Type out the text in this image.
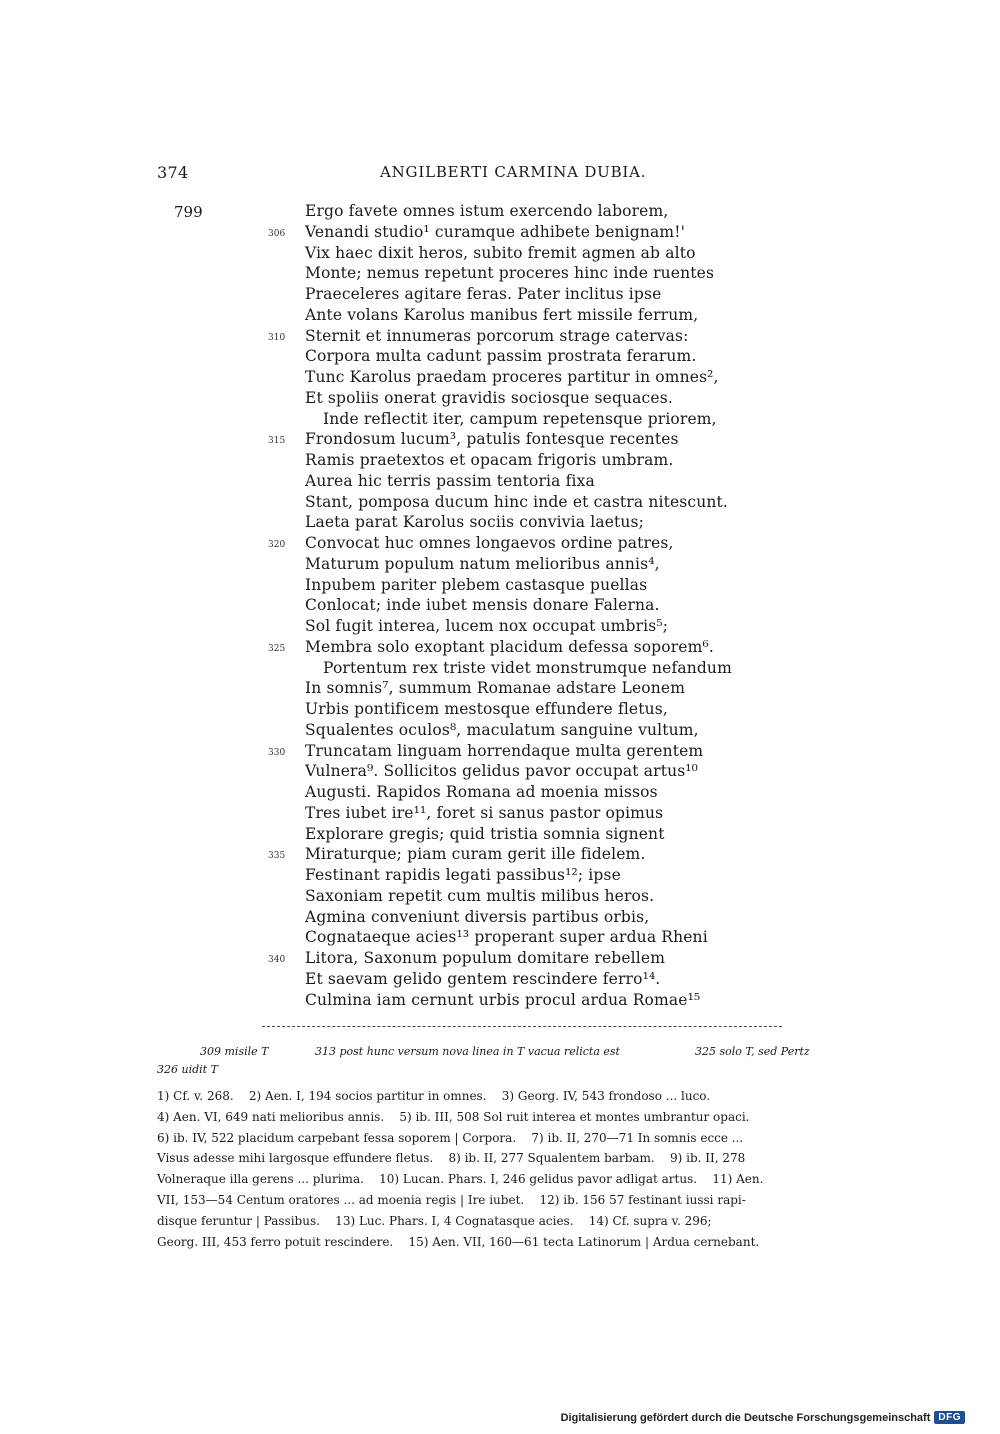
374	ANGILBERTI CARMINA DUBIA.
799	Ergo favete omnes istum exercendo laborem,
306 Venandi studio¹ curamque adhibete benignam!'
Vix haec dixit heros, subito fremit agmen ab alto
Monte; nemus repetunt proceres hinc inde ruentes
Praeceleres agitare feras. Pater inclitus ipse
Ante volans Karolus manibus fert missile ferrum,
310 Sternit et innumeras porcorum strage catervas:
Corpora multa cadunt passim prostrata ferarum.
Tunc Karolus praedam proceres partitur in omnes²,
Et spoliis onerat gravidis sociosque sequaces.
Inde reflectit iter, campum repetensque priorem,
315 Frondosum lucum³, patulis fontesque recentes
Ramis praetextos et opacam frigoris umbram.
Aurea hic terris passim tentoria fixa
Stant, pomposa ducum hinc inde et castra nitescunt.
Laeta parat Karolus sociis convivia laetus;
320 Convocat huc omnes longaevos ordine patres,
Maturum populum natum melioribus annis⁴,
Inpubem pariter plebem castasque puellas
Conlocat; inde iubet mensis donare Falerna.
Sol fugit interea, lucem nox occupat umbris⁵;
325 Membra solo exoptant placidum defessa soporem⁶.
Portentum rex triste videt monstrumque nefandum
In somnis⁷, summum Romanae adstare Leonem
Urbis pontificem mestosque effundere fletus,
Squalentes oculos⁸, maculatum sanguine vultum,
330 Truncatam linguam horrendaque multa gerentem
Vulnera⁹. Sollicitos gelidus pavor occupat artus¹⁰
Augusti. Rapidos Romana ad moenia missos
Tres iubet ire¹¹, foret si sanus pastor opimus
Explorare gregis; quid tristia somnia signent
335 Miraturque; piam curam gerit ille fidelem.
Festinant rapidis legati passibus¹²; ipse
Saxoniam repetit cum multis milibus heros.
Agmina conveniunt diversis partibus orbis,
Cognataeque acies¹³ properant super ardua Rheni
340 Litora, Saxonum populum domitare rebellem
Et saevam gelido gentem rescindere ferro¹⁴.
Culmina iam cernunt urbis procul ardua Romae¹⁵
309 misile T	313 post hunc versum nova linea in T vacua relicta est	325 solo T, sed Pertz
326 uidit T
1) Cf. v. 268.    2) Aen. I, 194 socios partitur in omnes.    3) Georg. IV, 543 frondoso ... luco.
4) Aen. VI, 649 nati melioribus annis.    5) ib. III, 508 Sol ruit interea et montes umbrantur opaci.
6) ib. IV, 522 placidum carpebant fessa soporem | Corpora.    7) ib. II, 270—71 In somnis ecce ...
Visus adesse mihi largosque effundere fletus.    8) ib. II, 277 Squalentem barbam.    9) ib. II, 278
Volneraque illa gerens ... plurima.    10) Lucan. Phars. I, 246 gelidus pavor adligat artus.    11) Aen.
VII, 153—54 Centum oratores ... ad moenia regis | Ire iubet.    12) ib. 156 57 festinant iussi rapi-
disque feruntur | Passibus.    13) Luc. Phars. I, 4 Cognatasque acies.    14) Cf. supra v. 296;
Georg. III, 453 ferro potuit rescindere.    15) Aen. VII, 160—61 tecta Latinorum | Ardua cernebant.
Digitalisierung gefördert durch die Deutsche Forschungsgemeinschaft DFG
